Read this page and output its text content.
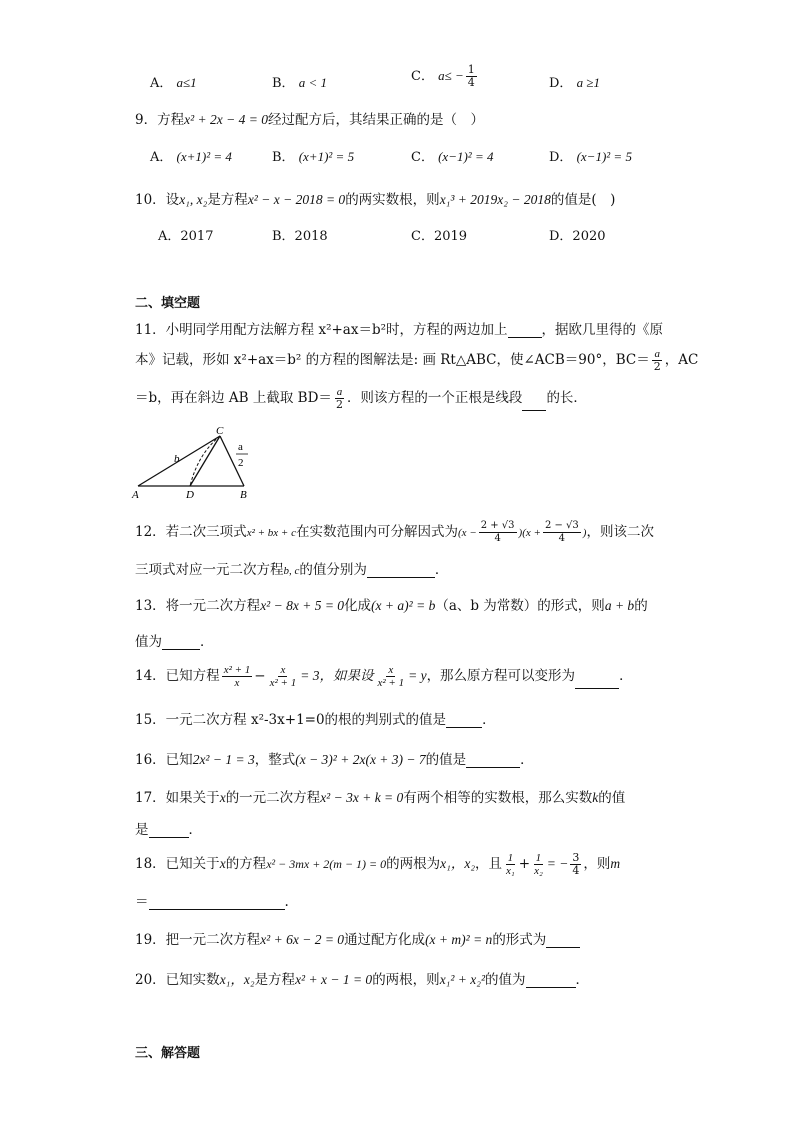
A． a≤1	B． a < 1	C． $a\le - \frac{1}{4}$	D． a ≥1
9．方程x² + 2x − 4 = 0经过配方后，其结果正确的是（　）
A． (x+1)² = 4	B． (x+1)² = 5	C． (x−1)² = 4	D． (x−1)² = 5
10．设x₁, x₂是方程x² − x − 2018 = 0的两实数根，则x₁³ + 2019x₂ − 2018的值是(　)
A．2017	B．2018	C．2019	D．2020
二、填空题
11．小明同学用配方法解方程 x²+ax＝b²时，方程的两边加上	，据欧几里得的《原
本》记载，形如 x²+ax＝b² 的方程的图解法是: 画 Rt△ABC，使∠ACB＝90°，$BC= \frac{a}{2}$ ，AC
＝b，再在斜边 AB 上截取 $BD= \frac{a}{2}$ ．则该方程的一个正根是线段 的长．
C
b
a
2
A	D	B
12．若二次三项式x² + bx + c在实数范围内可分解因式为$(x - \frac{2 + √3}{4} )(x + \frac{2 - √3}{4}$ )，则该二次
三项式对应一元二次方程b, c的值分别为	．
13．将一元二次方程x² − 8x + 5 = 0化成(x + a)² = b（a、b 为常数）的形式，则a + b的
值为	．
14．已知方程 $\frac{\text{x² + 1}}{x} - \frac{x}{\text{x² + 1}} = 3$，如果设 $\frac{x}{\text{x² + 1}} = y$，那么原方程可以变形为	．
15．一元二次方程 x²-3x+1=0的根的判别式的值是	．
16．已知2x² − 1 = 3，整式(x − 3)² + 2x(x + 3) − 7的值是	．
17．如果关于x的一元二次方程x² − 3x + k = 0有两个相等的实数根，那么实数k的值
是	．
18．已知关于x的方程x² − 3mx + 2(m − 1) = 0的两根为x₁，x₂，且 $\frac{1}{\text{x₁}} + \frac{1}{\text{x₂}}$ = − $\frac{3}{4}$ ，则m
＝	.
19．把一元二次方程x² + 6x − 2 = 0通过配方化成(x + m)² = n的形式为
20．已知实数x₁，x₂是方程x² + x − 1 = 0的两根，则x₁² + x₂²的值为	．
三、解答题
